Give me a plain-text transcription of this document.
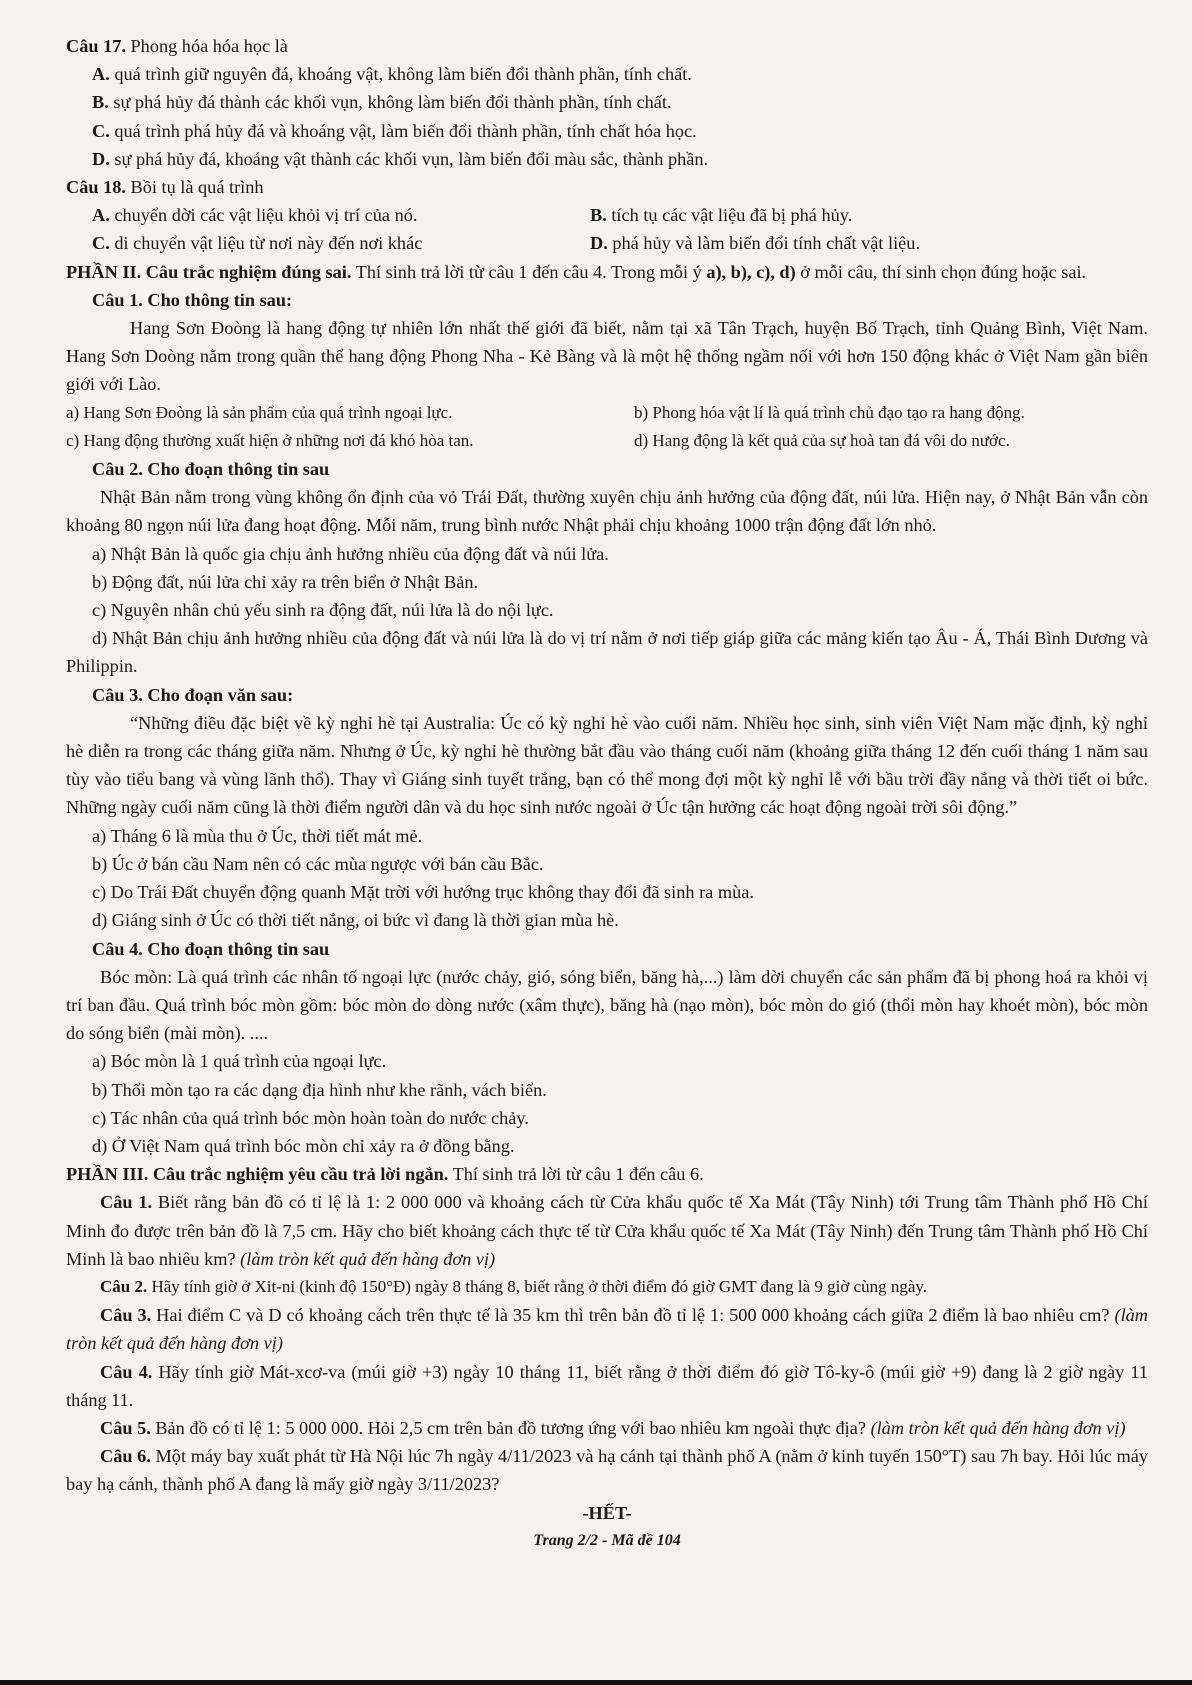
Câu 17. Phong hóa hóa học là
A. quá trình giữ nguyên đá, khoáng vật, không làm biến đổi thành phần, tính chất.
B. sự phá hủy đá thành các khối vụn, không làm biến đổi thành phần, tính chất.
C. quá trình phá hủy đá và khoáng vật, làm biến đổi thành phần, tính chất hóa học.
D. sự phá hủy đá, khoáng vật thành các khối vụn, làm biến đổi màu sắc, thành phần.
Câu 18. Bồi tụ là quá trình
A. chuyển dời các vật liệu khỏi vị trí của nó.	B. tích tụ các vật liệu đã bị phá hủy.
C. di chuyển vật liệu từ nơi này đến nơi khác	D. phá hủy và làm biến đổi tính chất vật liệu.
PHẦN II. Câu trắc nghiệm đúng sai. Thí sinh trả lời từ câu 1 đến câu 4. Trong mỗi ý a), b), c), d) ở mỗi câu, thí sinh chọn đúng hoặc sai.
Câu 1. Cho thông tin sau:
Hang Sơn Đoòng là hang động tự nhiên lớn nhất thế giới đã biết, nằm tại xã Tân Trạch, huyện Bố Trạch, tỉnh Quảng Bình, Việt Nam. Hang Sơn Doòng nằm trong quần thể hang động Phong Nha - Kẻ Bàng và là một hệ thống ngầm nối với hơn 150 động khác ở Việt Nam gần biên giới với Lào.
a) Hang Sơn Đoòng là sản phẩm của quá trình ngoại lực.	b) Phong hóa vật lí là quá trình chủ đạo tạo ra hang động.
c) Hang động thường xuất hiện ở những nơi đá khó hòa tan.	d) Hang động là kết quả của sự hoà tan đá vôi do nước.
Câu 2. Cho đoạn thông tin sau
Nhật Bản nằm trong vùng không ổn định của vỏ Trái Đất, thường xuyên chịu ảnh hưởng của động đất, núi lửa. Hiện nay, ở Nhật Bản vẫn còn khoảng 80 ngọn núi lửa đang hoạt động. Mỗi năm, trung bình nước Nhật phải chịu khoảng 1000 trận động đất lớn nhỏ.
a) Nhật Bản là quốc gia chịu ảnh hưởng nhiều của động đất và núi lửa.
b) Động đất, núi lửa chỉ xảy ra trên biển ở Nhật Bản.
c) Nguyên nhân chủ yếu sinh ra động đất, núi lửa là do nội lực.
d) Nhật Bản chịu ảnh hưởng nhiều của động đất và núi lửa là do vị trí nằm ở nơi tiếp giáp giữa các mảng kiến tạo Âu - Á, Thái Bình Dương và Philippin.
Câu 3. Cho đoạn văn sau:
“Những điều đặc biệt về kỳ nghỉ hè tại Australia: Úc có kỳ nghỉ hè vào cuối năm. Nhiều học sinh, sinh viên Việt Nam mặc định, kỳ nghỉ hè diễn ra trong các tháng giữa năm. Nhưng ở Úc, kỳ nghỉ hè thường bắt đầu vào tháng cuối năm (khoảng giữa tháng 12 đến cuối tháng 1 năm sau tùy vào tiểu bang và vùng lãnh thổ). Thay vì Giáng sinh tuyết trắng, bạn có thể mong đợi một kỳ nghỉ lễ với bầu trời đầy nắng và thời tiết oi bức. Những ngày cuối năm cũng là thời điểm người dân và du học sinh nước ngoài ở Úc tận hưởng các hoạt động ngoài trời sôi động.”
a) Tháng 6 là mùa thu ở Úc, thời tiết mát mẻ.
b) Úc ở bán cầu Nam nên có các mùa ngược với bán cầu Bắc.
c) Do Trái Đất chuyển động quanh Mặt trời với hướng trục không thay đổi đã sinh ra mùa.
d) Giáng sinh ở Úc có thời tiết nắng, oi bức vì đang là thời gian mùa hè.
Câu 4. Cho đoạn thông tin sau
Bóc mòn: Là quá trình các nhân tố ngoại lực (nước chảy, gió, sóng biển, băng hà,...) làm dời chuyển các sản phẩm đã bị phong hoá ra khỏi vị trí ban đầu. Quá trình bóc mòn gồm: bóc mòn do dòng nước (xâm thực), băng hà (nạo mòn), bóc mòn do gió (thổi mòn hay khoét mòn), bóc mòn do sóng biển (mài mòn). ....
a) Bóc mòn là 1 quá trình của ngoại lực.
b) Thổi mòn tạo ra các dạng địa hình như khe rãnh, vách biển.
c) Tác nhân của quá trình bóc mòn hoàn toàn do nước chảy.
d) Ở Việt Nam quá trình bóc mòn chỉ xảy ra ở đồng bằng.
PHẦN III. Câu trắc nghiệm yêu cầu trả lời ngắn. Thí sinh trả lời từ câu 1 đến câu 6.
Câu 1. Biết rằng bản đồ có tỉ lệ là 1: 2 000 000 và khoảng cách từ Cửa khẩu quốc tế Xa Mát (Tây Ninh) tới Trung tâm Thành phố Hồ Chí Minh đo được trên bản đồ là 7,5 cm. Hãy cho biết khoảng cách thực tế từ Cửa khẩu quốc tế Xa Mát (Tây Ninh) đến Trung tâm Thành phố Hồ Chí Minh là bao nhiêu km? (làm tròn kết quả đến hàng đơn vị)
Câu 2. Hãy tính giờ ở Xit-ni (kinh độ 150°Đ) ngày 8 tháng 8, biết rằng ở thời điểm đó giờ GMT đang là 9 giờ cùng ngày.
Câu 3. Hai điểm C và D có khoảng cách trên thực tế là 35 km thì trên bản đồ tỉ lệ 1: 500 000 khoảng cách giữa 2 điểm là bao nhiêu cm? (làm tròn kết quả đến hàng đơn vị)
Câu 4. Hãy tính giờ Mát-xcơ-va (múi giờ +3) ngày 10 tháng 11, biết rằng ở thời điểm đó giờ Tô-ky-ô (múi giờ +9) đang là 2 giờ ngày 11 tháng 11.
Câu 5. Bản đồ có tỉ lệ 1: 5 000 000. Hỏi 2,5 cm trên bản đồ tương ứng với bao nhiêu km ngoài thực địa? (làm tròn kết quả đến hàng đơn vị)
Câu 6. Một máy bay xuất phát từ Hà Nội lúc 7h ngày 4/11/2023 và hạ cánh tại thành phố A (nằm ở kinh tuyến 150°T) sau 7h bay. Hỏi lúc máy bay hạ cánh, thành phố A đang là mấy giờ ngày 3/11/2023?
-HẾT-
Trang 2/2 - Mã đề 104
